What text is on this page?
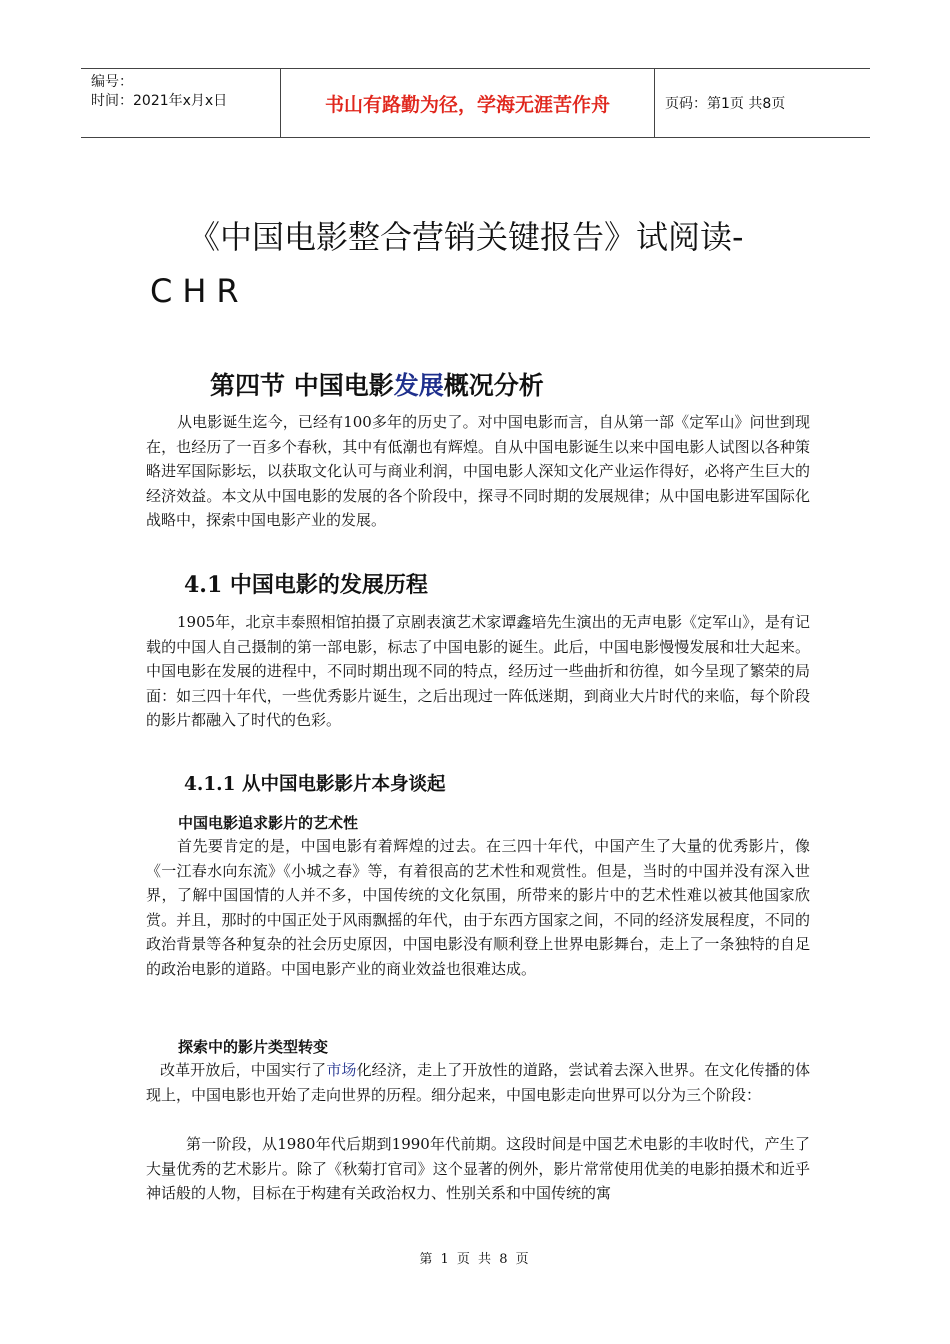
编号：
时间：2021年x月x日	书山有路勤为径，学海无涯苦作舟	页码：第1页 共8页
《中国电影整合营销关键报告》试阅读-
CHR
第四节 中国电影发展概况分析
从电影诞生迄今，已经有100多年的历史了。对中国电影而言，自从第一部《定军山》问世到现在，也经历了一百多个春秋，其中有低潮也有辉煌。自从中国电影诞生以来中国电影人试图以各种策略进军国际影坛，以获取文化认可与商业利润，中国电影人深知文化产业运作得好，必将产生巨大的经济效益。本文从中国电影的发展的各个阶段中，探寻不同时期的发展规律；从中国电影进军国际化战略中，探索中国电影产业的发展。
4.1 中国电影的发展历程
1905年，北京丰泰照相馆拍摄了京剧表演艺术家谭鑫培先生演出的无声电影《定军山》，是有记载的中国人自己摄制的第一部电影，标志了中国电影的诞生。此后，中国电影慢慢发展和壮大起来。中国电影在发展的进程中，不同时期出现不同的特点，经历过一些曲折和彷徨，如今呈现了繁荣的局面：如三四十年代，一些优秀影片诞生，之后出现过一阵低迷期，到商业大片时代的来临，每个阶段的影片都融入了时代的色彩。
4.1.1 从中国电影影片本身谈起
中国电影追求影片的艺术性
首先要肯定的是，中国电影有着辉煌的过去。在三四十年代，中国产生了大量的优秀影片，像《一江春水向东流》《小城之春》等，有着很高的艺术性和观赏性。但是，当时的中国并没有深入世界，了解中国国情的人并不多，中国传统的文化氛围，所带来的影片中的艺术性难以被其他国家欣赏。并且，那时的中国正处于风雨飘摇的年代，由于东西方国家之间，不同的经济发展程度，不同的政治背景等各种复杂的社会历史原因，中国电影没有顺利登上世界电影舞台，走上了一条独特的自足的政治电影的道路。中国电影产业的商业效益也很难达成。
探索中的影片类型转变
改革开放后，中国实行了市场化经济，走上了开放性的道路，尝试着去深入世界。在文化传播的体现上，中国电影也开始了走向世界的历程。细分起来，中国电影走向世界可以分为三个阶段：
第一阶段，从1980年代后期到1990年代前期。这段时间是中国艺术电影的丰收时代，产生了大量优秀的艺术影片。除了《秋菊打官司》这个显著的例外，影片常常使用优美的电影拍摄术和近乎神话般的人物，目标在于构建有关政治权力、性别关系和中国传统的寓
第 1 页 共 8 页
